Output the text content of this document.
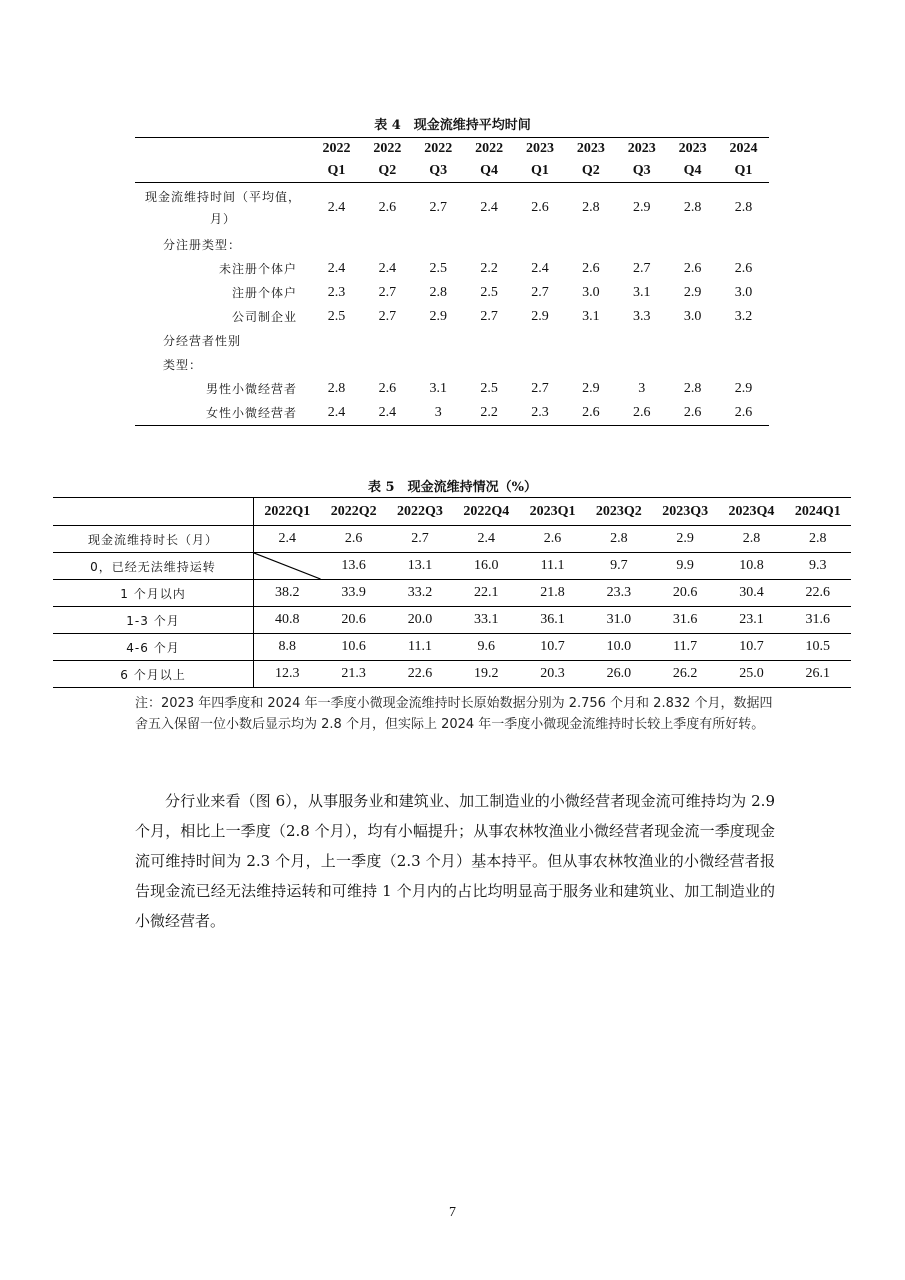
表 4　现金流维持平均时间
	2022	2022	2022	2022	2023	2023	2023	2023	2024
	Q1	Q2	Q3	Q4	Q1	Q2	Q3	Q4	Q1
现金流维持时间（平均值，月）	2.4	2.6	2.7	2.4	2.6	2.8	2.9	2.8	2.8
分注册类型：									
未注册个体户	2.4	2.4	2.5	2.2	2.4	2.6	2.7	2.6	2.6
注册个体户	2.3	2.7	2.8	2.5	2.7	3.0	3.1	2.9	3.0
公司制企业	2.5	2.7	2.9	2.7	2.9	3.1	3.3	3.0	3.2
分经营者性别									
类型：									
男性小微经营者	2.8	2.6	3.1	2.5	2.7	2.9	3	2.8	2.9
女性小微经营者	2.4	2.4	3	2.2	2.3	2.6	2.6	2.6	2.6
表 5　现金流维持情况（%）
	2022Q1	2022Q2	2022Q3	2022Q4	2023Q1	2023Q2	2023Q3	2023Q4	2024Q1
现金流维持时长（月）	2.4	2.6	2.7	2.4	2.6	2.8	2.9	2.8	2.8
0，已经无法维持运转		13.6	13.1	16.0	11.1	9.7	9.9	10.8	9.3
1 个月以内	38.2	33.9	33.2	22.1	21.8	23.3	20.6	30.4	22.6
1-3 个月	40.8	20.6	20.0	33.1	36.1	31.0	31.6	23.1	31.6
4-6 个月	8.8	10.6	11.1	9.6	10.7	10.0	11.7	10.7	10.5
6 个月以上	12.3	21.3	22.6	19.2	20.3	26.0	26.2	25.0	26.1
注：2023 年四季度和 2024 年一季度小微现金流维持时长原始数据分别为 2.756 个月和 2.832 个月，数据四舍五入保留一位小数后显示均为 2.8 个月，但实际上 2024 年一季度小微现金流维持时长较上季度有所好转。
分行业来看（图 6），从事服务业和建筑业、加工制造业的小微经营者现金流可维持均为 2.9 个月，相比上一季度（2.8 个月），均有小幅提升；从事农林牧渔业小微经营者现金流一季度现金流可维持时间为 2.3 个月，上一季度（2.3 个月）基本持平。但从事农林牧渔业的小微经营者报告现金流已经无法维持运转和可维持 1 个月内的占比均明显高于服务业和建筑业、加工制造业的小微经营者。
7
